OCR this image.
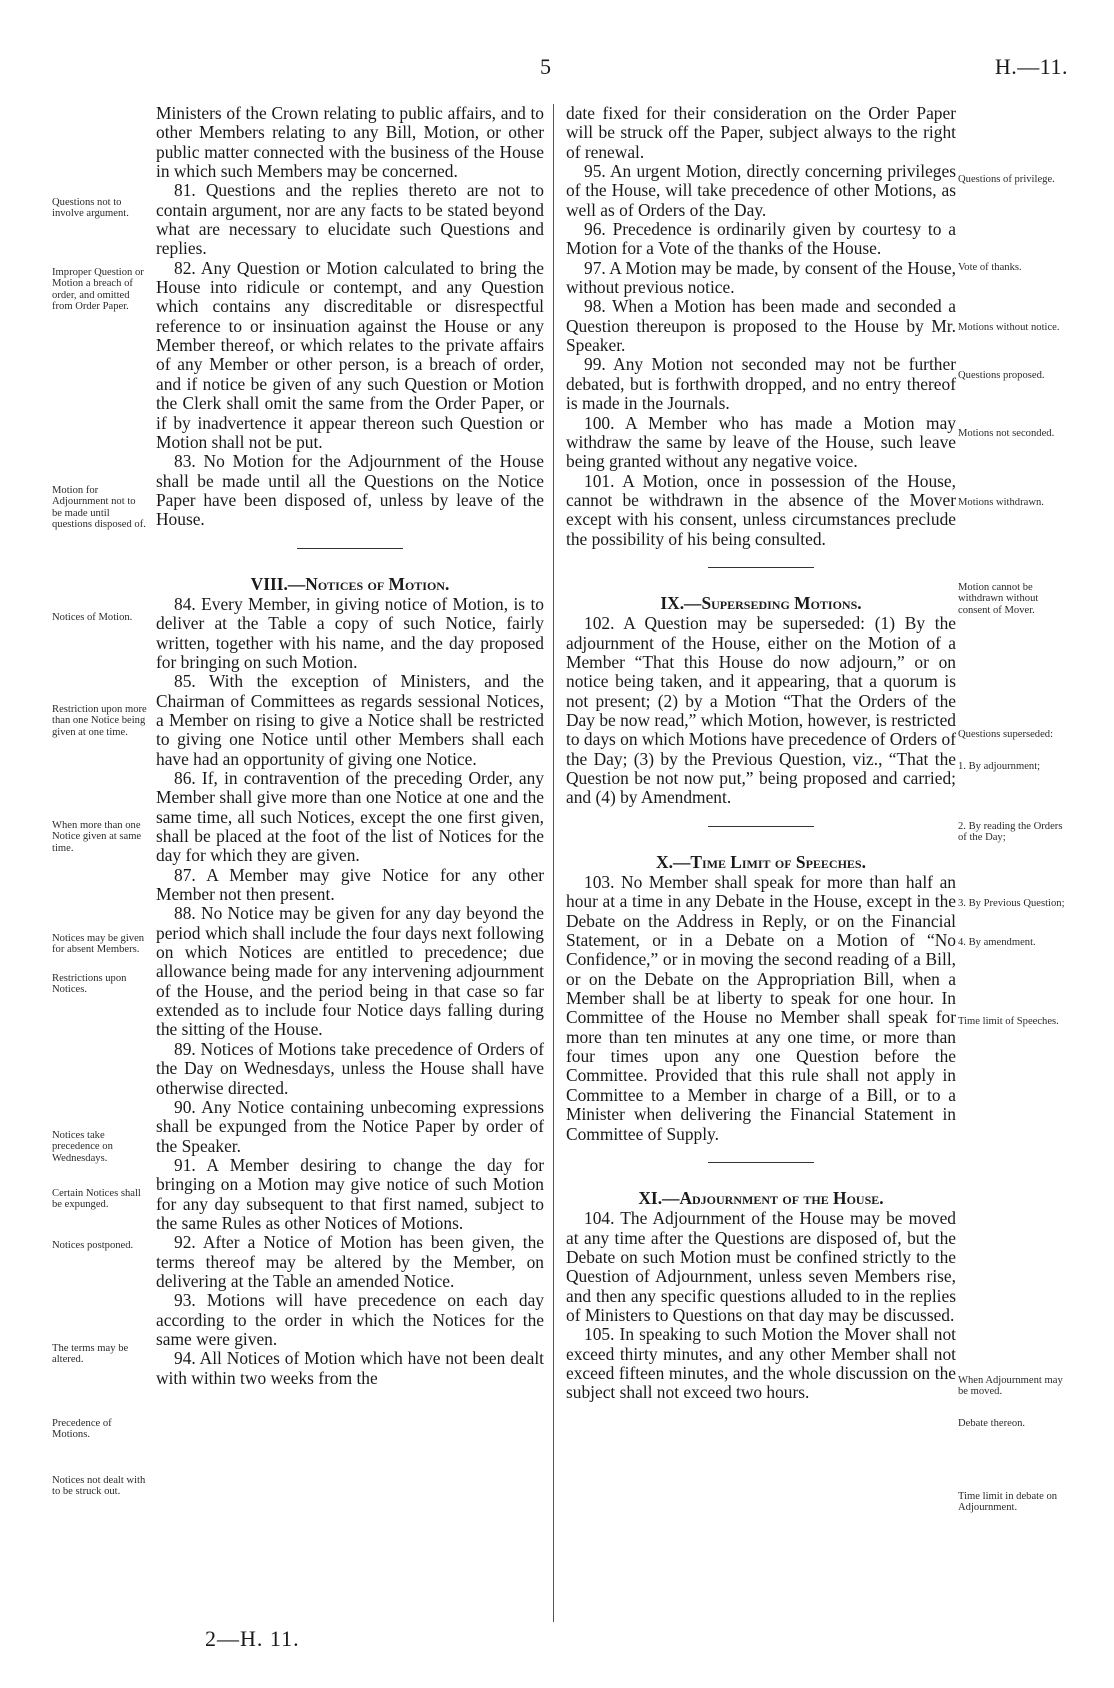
5	H.—11.
Questions not to involve argument.
Improper Question or Motion a breach of order, and omitted from Order Paper.
Motion for Adjournment not to be made until questions disposed of.
Notices of Motion.
Restriction upon more than one Notice being given at one time.
When more than one Notice given at same time.
Notices may be given for absent Members.
Restrictions upon Notices.
Notices take precedence on Wednesdays.
Certain Notices shall be expunged.
Notices postponed.
The terms may be altered.
Precedence of Motions.
Notices not dealt with to be struck out.

Ministers of the Crown relating to public affairs, and to other Members relating to any Bill, Motion, or other public matter connected with the business of the House in which such Members may be concerned.

81. Questions and the replies thereto are not to contain argument, nor are any facts to be stated beyond what are necessary to elucidate such Questions and replies.

82. Any Question or Motion calculated to bring the House into ridicule or contempt, and any Question which contains any discreditable or disrespectful reference to or insinuation against the House or any Member thereof, or which relates to the private affairs of any Member or other person, is a breach of order, and if notice be given of any such Question or Motion the Clerk shall omit the same from the Order Paper, or if by inadvertence it appear thereon such Question or Motion shall not be put.

83. No Motion for the Adjournment of the House shall be made until all the Questions on the Notice Paper have been disposed of, unless by leave of the House.

VIII.—Notices of Motion.

84. Every Member, in giving notice of Motion, is to deliver at the Table a copy of such Notice, fairly written, together with his name, and the day proposed for bringing on such Motion.

85. With the exception of Ministers, and the Chairman of Committees as regards sessional Notices, a Member on rising to give a Notice shall be restricted to giving one Notice until other Members shall each have had an opportunity of giving one Notice.

86. If, in contravention of the preceding Order, any Member shall give more than one Notice at one and the same time, all such Notices, except the one first given, shall be placed at the foot of the list of Notices for the day for which they are given.

87. A Member may give Notice for any other Member not then present.

88. No Notice may be given for any day beyond the period which shall include the four days next following on which Notices are entitled to precedence; due allowance being made for any intervening adjournment of the House, and the period being in that case so far extended as to include four Notice days falling during the sitting of the House.

89. Notices of Motions take precedence of Orders of the Day on Wednesdays, unless the House shall have otherwise directed.

90. Any Notice containing unbecoming expressions shall be expunged from the Notice Paper by order of the Speaker.

91. A Member desiring to change the day for bringing on a Motion may give notice of such Motion for any day subsequent to that first named, subject to the same Rules as other Notices of Motions.

92. After a Notice of Motion has been given, the terms thereof may be altered by the Member, on delivering at the Table an amended Notice.

93. Motions will have precedence on each day according to the order in which the Notices for the same were given.

94. All Notices of Motion which have not been dealt with within two weeks from the

date fixed for their consideration on the Order Paper will be struck off the Paper, subject always to the right of renewal.

95. An urgent Motion, directly concerning privileges of the House, will take precedence of other Motions, as well as of Orders of the Day.

96. Precedence is ordinarily given by courtesy to a Motion for a Vote of the thanks of the House.

97. A Motion may be made, by consent of the House, without previous notice.

98. When a Motion has been made and seconded a Question thereupon is proposed to the House by Mr. Speaker.

99. Any Motion not seconded may not be further debated, but is forthwith dropped, and no entry thereof is made in the Journals.

100. A Member who has made a Motion may withdraw the same by leave of the House, such leave being granted without any negative voice.

101. A Motion, once in possession of the House, cannot be withdrawn in the absence of the Mover except with his consent, unless circumstances preclude the possibility of his being consulted.

IX.—Superseding Motions.

102. A Question may be superseded: (1) By the adjournment of the House, either on the Motion of a Member “That this House do now adjourn,” or on notice being taken, and it appearing, that a quorum is not present; (2) by a Motion “That the Orders of the Day be now read,” which Motion, however, is restricted to days on which Motions have precedence of Orders of the Day; (3) by the Previous Question, viz., “That the Question be not now put,” being proposed and carried; and (4) by Amendment.

X.—Time Limit of Speeches.

103. No Member shall speak for more than half an hour at a time in any Debate in the House, except in the Debate on the Address in Reply, or on the Financial Statement, or in a Debate on a Motion of “No Confidence,” or in moving the second reading of a Bill, or on the Debate on the Appropriation Bill, when a Member shall be at liberty to speak for one hour. In Committee of the House no Member shall speak for more than ten minutes at any one time, or more than four times upon any one Question before the Committee. Provided that this rule shall not apply in Committee to a Member in charge of a Bill, or to a Minister when delivering the Financial Statement in Committee of Supply.

XI.—Adjournment of the House.

104. The Adjournment of the House may be moved at any time after the Questions are disposed of, but the Debate on such Motion must be confined strictly to the Question of Adjournment, unless seven Members rise, and then any specific questions alluded to in the replies of Ministers to Questions on that day may be discussed.

105. In speaking to such Motion the Mover shall not exceed thirty minutes, and any other Member shall not exceed fifteen minutes, and the whole discussion on the subject shall not exceed two hours.

Questions of privilege.
Vote of thanks.
Motions without notice.
Questions proposed.
Motions not seconded.
Motions withdrawn.
Motion cannot be withdrawn without consent of Mover.
Questions superseded:
1. By adjournment;
2. By reading the Orders of the Day;
3. By Previous Question;
4. By amendment.
Time limit of Speeches.
When Adjournment may be moved.
Debate thereon.
Time limit in debate on Adjournment.
2—H. 11.
